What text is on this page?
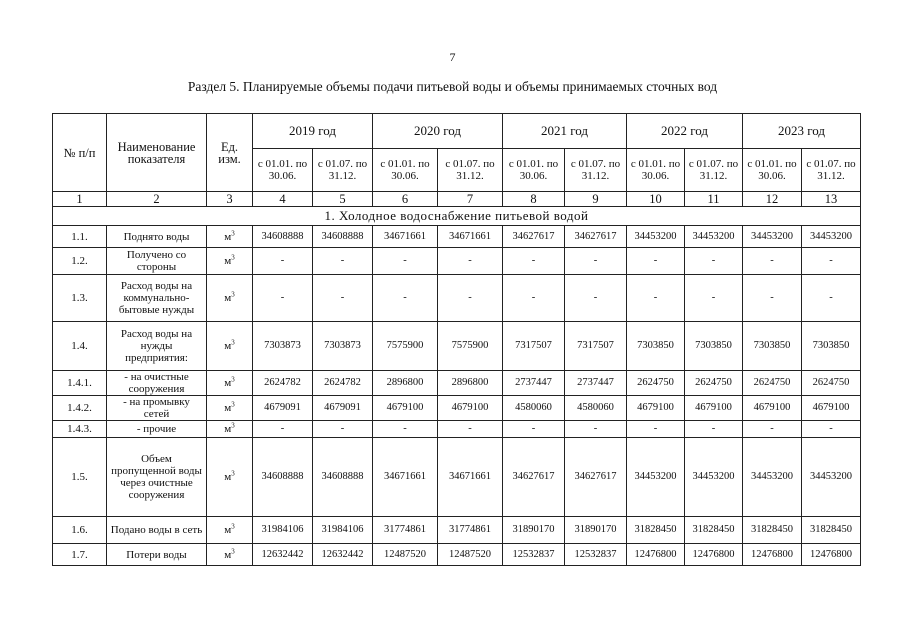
7
Раздел 5. Планируемые объемы подачи питьевой воды и объемы принимаемых сточных вод
№ п/п	Наименование показателя	Ед. изм.	2019 год		2020 год		2021 год		2022 год		2023 год	
			с 01.01. по 30.06.	с 01.07. по 31.12.	с 01.01. по 30.06.	с 01.07. по 31.12.	с 01.01. по 30.06.	с 01.07. по 31.12.	с 01.01. по 30.06.	с 01.07. по 31.12.	с 01.01. по 30.06.	с 01.07. по 31.12.
1	2	3	4	5	6	7	8	9	10	11	12	13
1. Холодное водоснабжение питьевой водой												
1.1.	Поднято воды	$м^3$	34608888	34608888	34671661	34671661	34627617	34627617	34453200	34453200	34453200	34453200
1.2.	Получено со стороны	$м^3$	-	-	-	-	-	-	-	-	-	-
1.3.	Расход воды на коммунально-бытовые нужды	$м^3$	-	-	-	-	-	-	-	-	-	-
1.4.	Расход воды на нужды предприятия:	$м^3$	7303873	7303873	7575900	7575900	7317507	7317507	7303850	7303850	7303850	7303850
1.4.1.	- на очистные сооружения	$м^3$	2624782	2624782	2896800	2896800	2737447	2737447	2624750	2624750	2624750	2624750
1.4.2.	- на промывку сетей	$м^3$	4679091	4679091	4679100	4679100	4580060	4580060	4679100	4679100	4679100	4679100
1.4.3.	- прочие	$м^3$	-	-	-	-	-	-	-	-	-	-
1.5.	Объем пропущенной воды через очистные сооружения	$м^3$	34608888	34608888	34671661	34671661	34627617	34627617	34453200	34453200	34453200	34453200
1.6.	Подано воды в сеть	$м^3$	31984106	31984106	31774861	31774861	31890170	31890170	31828450	31828450	31828450	31828450
1.7.	Потери воды	$м^3$	12632442	12632442	12487520	12487520	12532837	12532837	12476800	12476800	12476800	12476800
